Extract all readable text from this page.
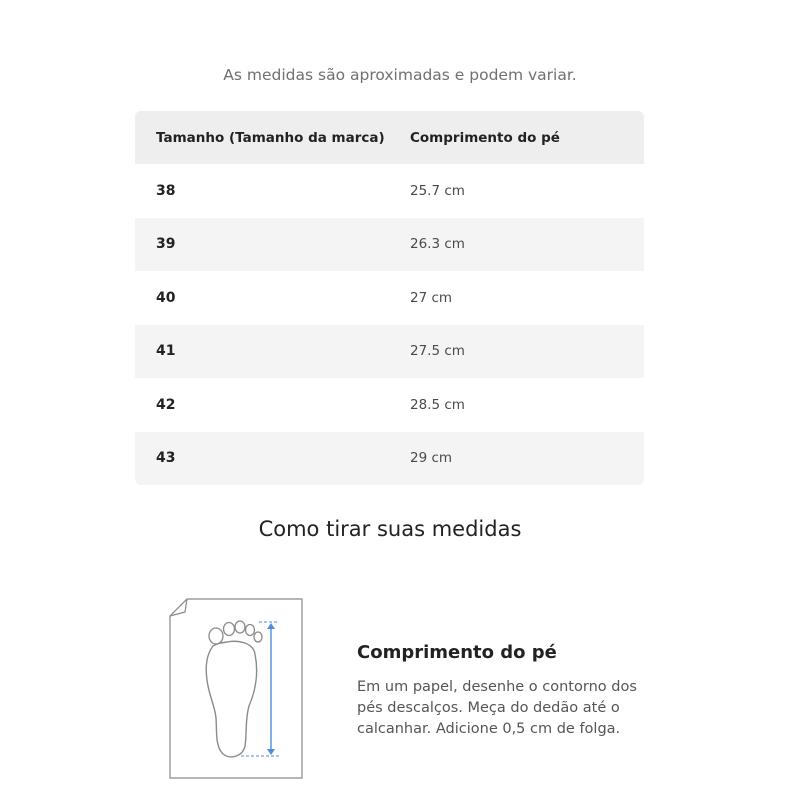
As medidas são aproximadas e podem variar.
Tamanho (Tamanho da marca)	Comprimento do pé
38	25.7 cm
39	26.3 cm
40	27 cm
41	27.5 cm
42	28.5 cm
43	29 cm
Como tirar suas medidas
Comprimento do pé
Em um papel, desenhe o contorno dos pés descalços. Meça do dedão até o calcanhar. Adicione 0,5 cm de folga.
